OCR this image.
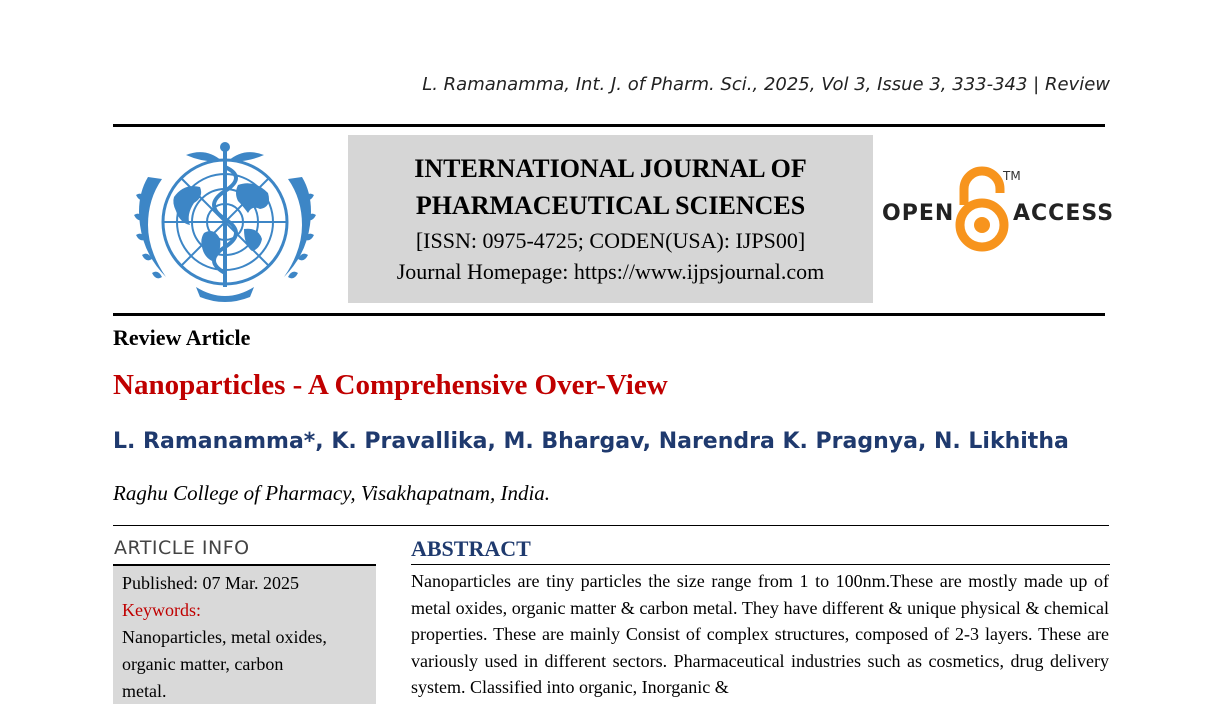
L. Ramanamma, Int. J. of Pharm. Sci., 2025, Vol 3, Issue 3, 333-343 | Review
INTERNATIONAL JOURNAL OF
PHARMACEUTICAL SCIENCES
[ISSN: 0975-4725; CODEN(USA): IJPS00]
Journal Homepage: https://www.ijpsjournal.com
OPEN
TM
ACCESS
Review Article
Nanoparticles - A Comprehensive Over-View
L. Ramanamma*, K. Pravallika, M. Bhargav, Narendra K. Pragnya, N. Likhitha
Raghu College of Pharmacy, Visakhapatnam, India.
ARTICLE INFO
Published: 07 Mar. 2025
Keywords:
Nanoparticles, metal oxides,
organic matter, carbon
metal.
ABSTRACT
Nanoparticles are tiny particles the size range from 1 to 100nm.These are mostly made up of metal oxides, organic matter & carbon metal. They have different & unique physical & chemical properties. These are mainly Consist of complex structures, composed of 2-3 layers. These are variously used in different sectors. Pharmaceutical industries such as cosmetics, drug delivery system. Classified into organic, Inorganic &
